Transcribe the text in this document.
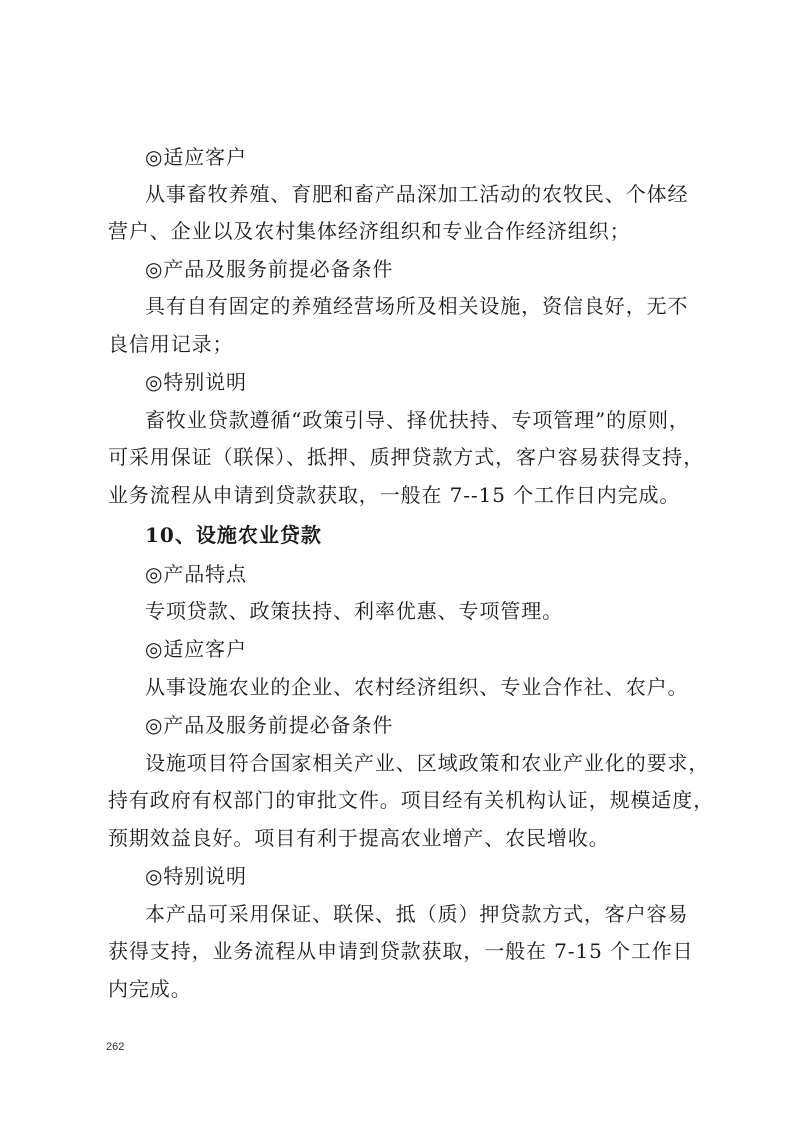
◎适应客户
从事畜牧养殖、育肥和畜产品深加工活动的农牧民、个体经
营户、企业以及农村集体经济组织和专业合作经济组织；
◎产品及服务前提必备条件
具有自有固定的养殖经营场所及相关设施，资信良好，无不
良信用记录；
◎特别说明
畜牧业贷款遵循“政策引导、择优扶持、专项管理”的原则，
可采用保证（联保）、抵押、质押贷款方式，客户容易获得支持，
业务流程从申请到贷款获取，一般在 7--15 个工作日内完成。
10、设施农业贷款
◎产品特点
专项贷款、政策扶持、利率优惠、专项管理。
◎适应客户
从事设施农业的企业、农村经济组织、专业合作社、农户。
◎产品及服务前提必备条件
设施项目符合国家相关产业、区域政策和农业产业化的要求，
持有政府有权部门的审批文件。项目经有关机构认证，规模适度，
预期效益良好。项目有利于提高农业增产、农民增收。
◎特别说明
本产品可采用保证、联保、抵（质）押贷款方式，客户容易
获得支持，业务流程从申请到贷款获取，一般在 7-15 个工作日
内完成。
262
